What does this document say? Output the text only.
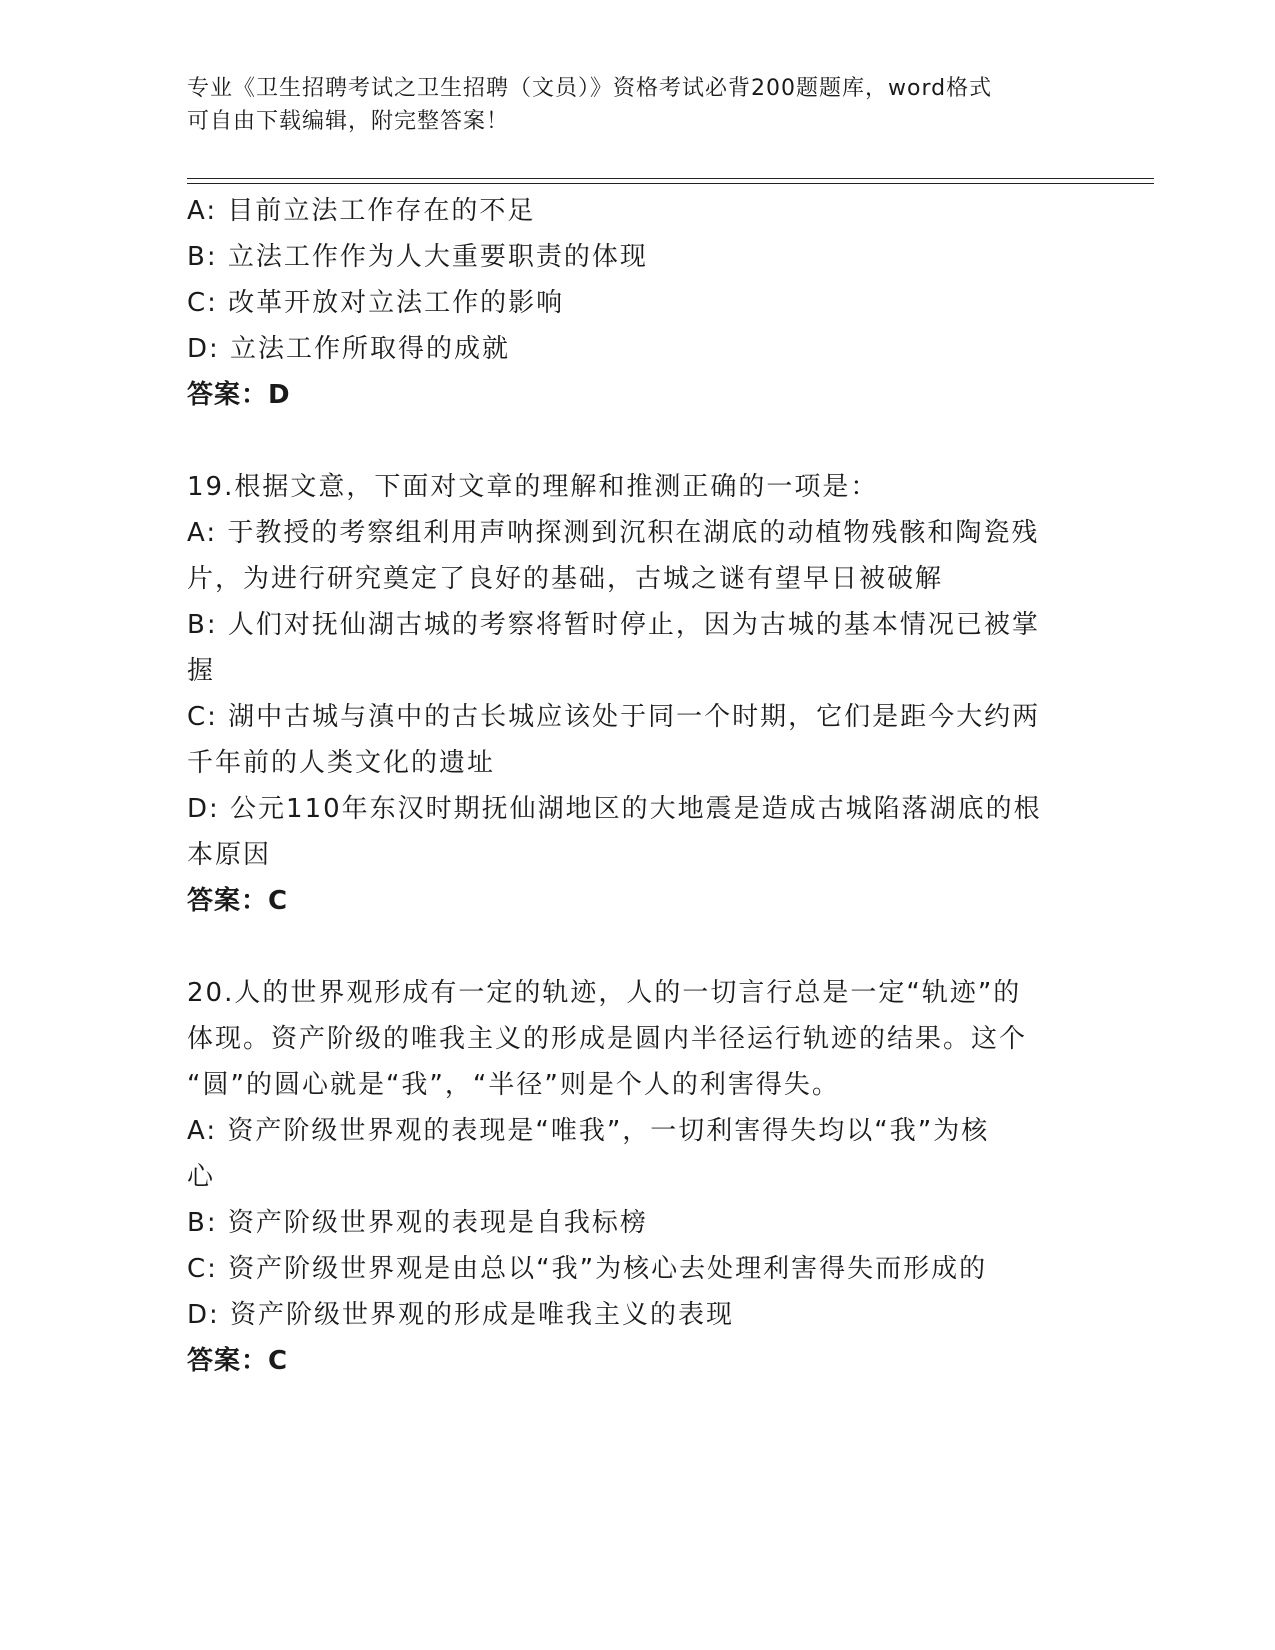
专业《卫生招聘考试之卫生招聘（文员）》资格考试必背200题题库，word格式
可自由下载编辑，附完整答案！
A: 目前立法工作存在的不足
B: 立法工作作为人大重要职责的体现
C: 改革开放对立法工作的影响
D: 立法工作所取得的成就
答案：D
19.根据文意，下面对文章的理解和推测正确的一项是：
A: 于教授的考察组利用声呐探测到沉积在湖底的动植物残骸和陶瓷残
片，为进行研究奠定了良好的基础，古城之谜有望早日被破解
B: 人们对抚仙湖古城的考察将暂时停止，因为古城的基本情况已被掌
握
C: 湖中古城与滇中的古长城应该处于同一个时期，它们是距今大约两
千年前的人类文化的遗址
D: 公元110年东汉时期抚仙湖地区的大地震是造成古城陷落湖底的根
本原因
答案：C
20.人的世界观形成有一定的轨迹，人的一切言行总是一定“轨迹”的
体现。资产阶级的唯我主义的形成是圆内半径运行轨迹的结果。这个
“圆”的圆心就是“我”，“半径”则是个人的利害得失。
A: 资产阶级世界观的表现是“唯我”，一切利害得失均以“我”为核
心
B: 资产阶级世界观的表现是自我标榜
C: 资产阶级世界观是由总以“我”为核心去处理利害得失而形成的
D: 资产阶级世界观的形成是唯我主义的表现
答案：C
